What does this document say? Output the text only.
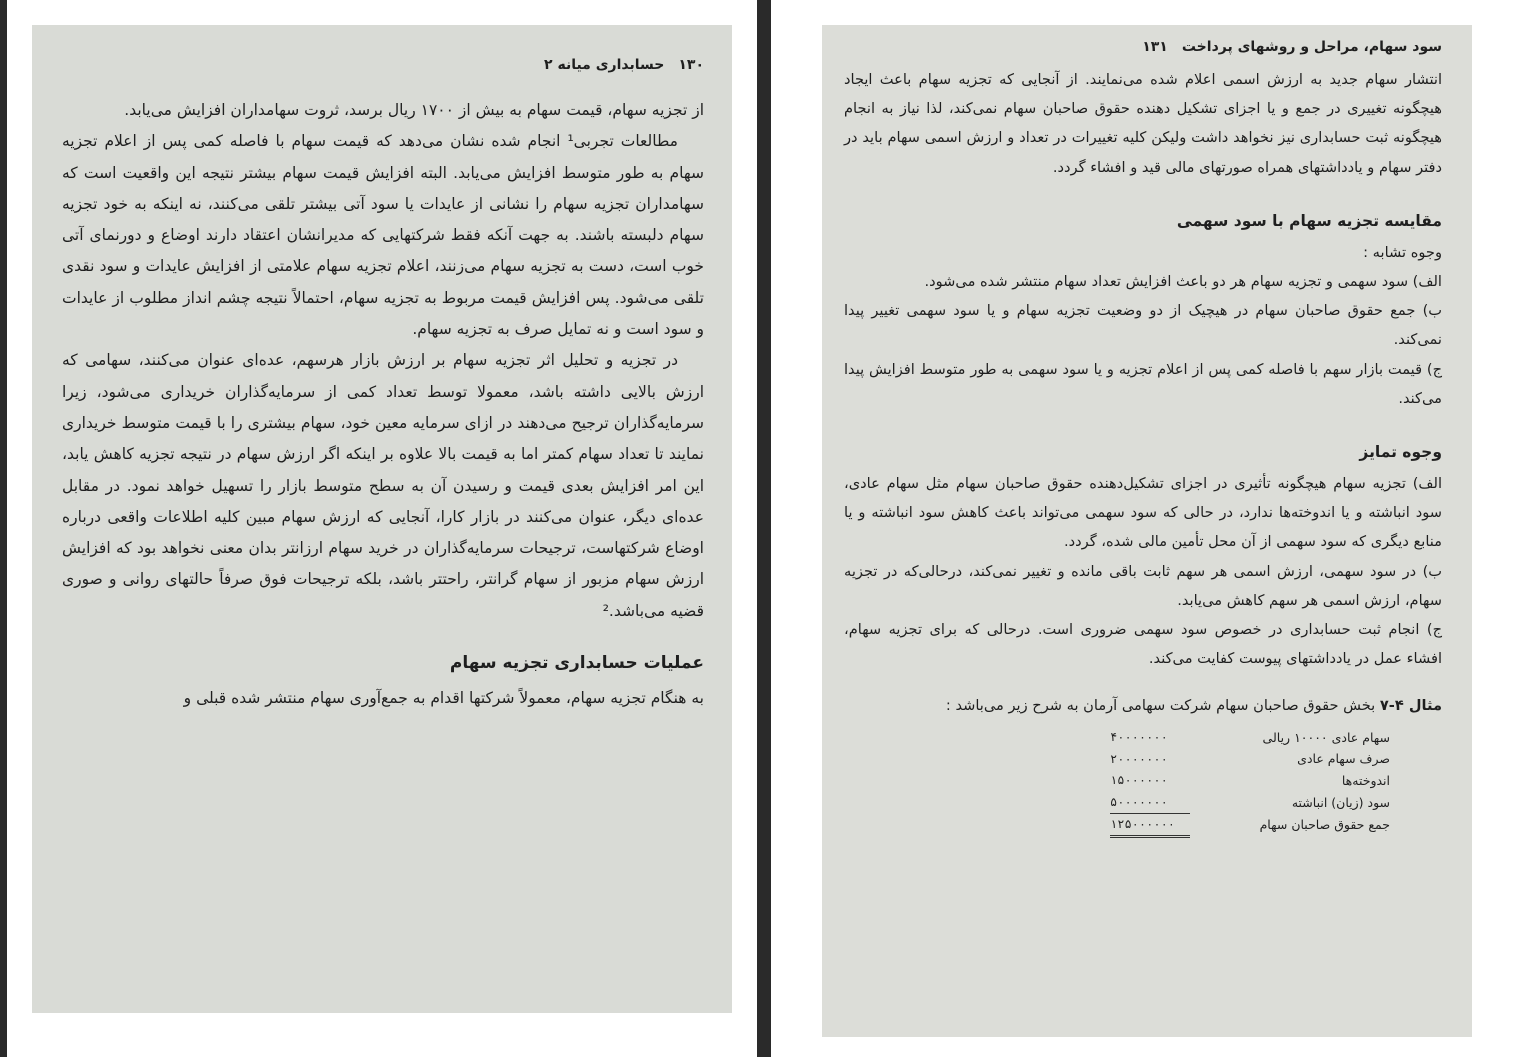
۱۳۰
حسابداری میانه ۲

از تجزیه سهام، قیمت سهام به بیش از ۱۷۰۰ ریال برسد، ثروت سهامداران افزایش می‌یابد.

مطالعات تجربی¹ انجام شده نشان می‌دهد که قیمت سهام با فاصله کمی پس از اعلام تجزیه سهام به طور متوسط افزایش می‌یابد. البته افزایش قیمت سهام بیشتر نتیجه این واقعیت است که سهامداران تجزیه سهام را نشانی از عایدات یا سود آتی بیشتر تلقی می‌کنند، نه اینکه به خود تجزیه سهام دلبسته باشند. به جهت آنکه فقط شرکتهایی که مدیرانشان اعتقاد دارند اوضاع و دورنمای آتی خوب است، دست به تجزیه سهام می‌زنند، اعلام تجزیه سهام علامتی از افزایش عایدات و سود نقدی تلقی می‌شود. پس افزایش قیمت مربوط به تجزیه سهام، احتمالاً نتیجه چشم انداز مطلوب از عایدات و سود است و نه تمایل صرف به تجزیه سهام.

در تجزیه و تحلیل اثر تجزیه سهام بر ارزش بازار هرسهم، عده‌ای عنوان می‌کنند، سهامی که ارزش بالایی داشته باشد، معمولا توسط تعداد کمی از سرمایه‌گذاران خریداری می‌شود، زیرا سرمایه‌گذاران ترجیح می‌دهند در ازای سرمایه معین خود، سهام بیشتری را با قیمت متوسط خریداری نمایند تا تعداد سهام کمتر اما به قیمت بالا علاوه بر اینکه اگر ارزش سهام در نتیجه تجزیه کاهش یابد، این امر افزایش بعدی قیمت و رسیدن آن به سطح متوسط بازار را تسهیل خواهد نمود. در مقابل عده‌ای دیگر، عنوان می‌کنند در بازار کارا، آنجایی که ارزش سهام مبین کلیه اطلاعات واقعی درباره اوضاع شرکتهاست، ترجیحات سرمایه‌گذاران در خرید سهام ارزانتر بدان معنی نخواهد بود که افزایش ارزش سهام مزبور از سهام گرانتر، راحتتر باشد، بلکه ترجیحات فوق صرفاً حالتهای روانی و صوری قضیه می‌باشد.²

عملیات حسابداری تجزیه سهام

به هنگام تجزیه سهام، معمولاً شرکتها اقدام به جمع‌آوری سهام منتشر شده قبلی و

۱۳۱ سود سهام، مراحل و روشهای پرداخت

انتشار سهام جدید به ارزش اسمی اعلام شده می‌نمایند. از آنجایی که تجزیه سهام باعث ایجاد هیچگونه تغییری در جمع و یا اجزای تشکیل دهنده حقوق صاحبان سهام نمی‌کند، لذا نیاز به انجام هیچگونه ثبت حسابداری نیز نخواهد داشت ولیکن کلیه تغییرات در تعداد و ارزش اسمی سهام باید در دفتر سهام و یادداشتهای همراه صورتهای مالی قید و افشاء گردد.

مقایسه تجزیه سهام با سود سهمی

وجوه تشابه :

الف) سود سهمی و تجزیه سهام هر دو باعث افزایش تعداد سهام منتشر شده می‌شود.

ب) جمع حقوق صاحبان سهام در هیچیک از دو وضعیت تجزیه سهام و یا سود سهمی تغییر پیدا نمی‌کند.

ج) قیمت بازار سهم با فاصله کمی پس از اعلام تجزیه و یا سود سهمی به طور متوسط افزایش پیدا می‌کند.

وجوه تمایز

الف) تجزیه سهام هیچگونه تأثیری در اجزای تشکیل‌دهنده حقوق صاحبان سهام مثل سهام عادی، سود انباشته و یا اندوخته‌ها ندارد، در حالی که سود سهمی می‌تواند باعث کاهش سود انباشته و یا منابع دیگری که سود سهمی از آن محل تأمین مالی شده، گردد.

ب) در سود سهمی، ارزش اسمی هر سهم ثابت باقی مانده و تغییر نمی‌کند، درحالی‌که در تجزیه سهام، ارزش اسمی هر سهم کاهش می‌یابد.

ج) انجام ثبت حسابداری در خصوص سود سهمی ضروری است. درحالی که برای تجزیه سهام، افشاء عمل در یادداشتهای پیوست کفایت می‌کند.

مثال ۴-۷ بخش حقوق صاحبان سهام شرکت سهامی آرمان به شرح زیر می‌باشد :

سهام عادی ۱۰۰۰۰ ریالی	۴۰۰۰۰۰۰۰
صرف سهام عادی	۲۰۰۰۰۰۰۰
اندوخته‌ها	۱۵۰۰۰۰۰۰
سود (زیان) انباشته	۵۰۰۰۰۰۰۰
جمع حقوق صاحبان سهام	۱۲۵۰۰۰۰۰۰
